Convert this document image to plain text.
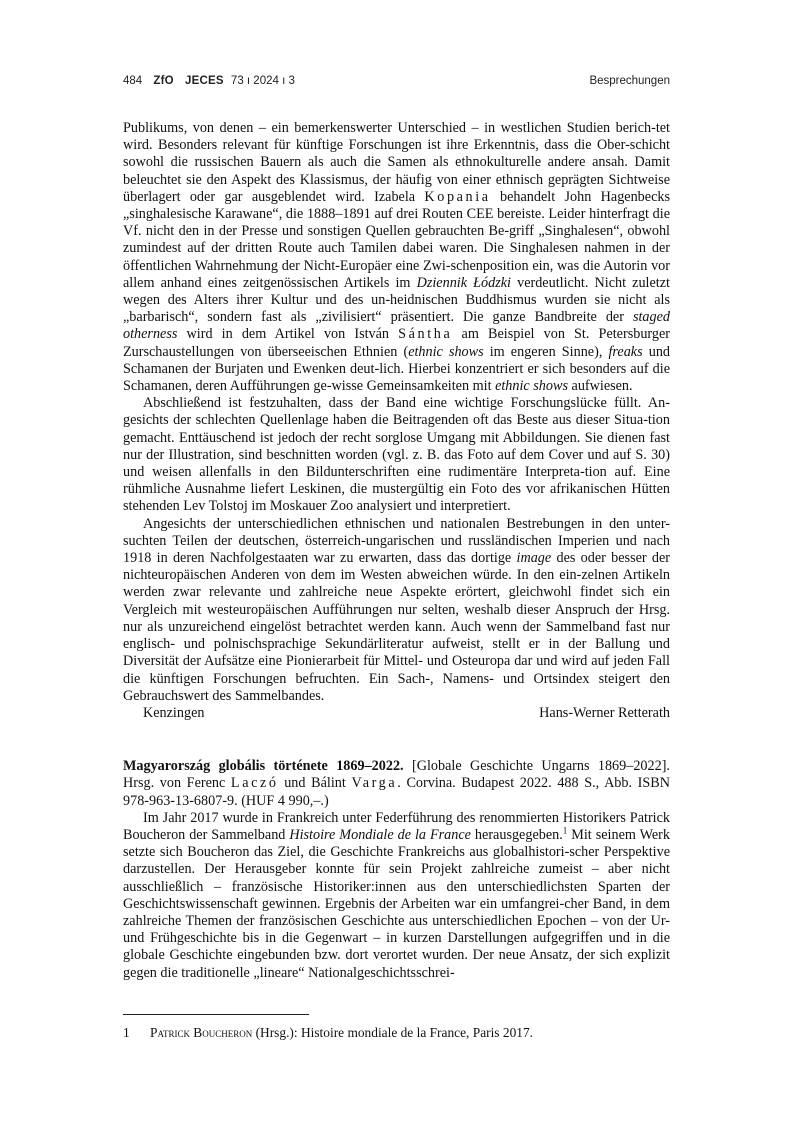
484 ZfO JECES 73 ı 2024 ı 3	Besprechungen

Publikums, von denen – ein bemerkenswerter Unterschied – in westlichen Studien berich-tet wird. Besonders relevant für künftige Forschungen ist ihre Erkenntnis, dass die Ober-schicht sowohl die russischen Bauern als auch die Samen als ethnokulturelle andere ansah. Damit beleuchtet sie den Aspekt des Klassismus, der häufig von einer ethnisch geprägten Sichtweise überlagert oder gar ausgeblendet wird. Izabela Kopania behandelt John Hagenbecks „singhalesische Karawane“, die 1888–1891 auf drei Routen CEE bereiste. Leider hinterfragt die Vf. nicht den in der Presse und sonstigen Quellen gebrauchten Be-griff „Singhalesen“, obwohl zumindest auf der dritten Route auch Tamilen dabei waren. Die Singhalesen nahmen in der öffentlichen Wahrnehmung der Nicht-Europäer eine Zwi-schenposition ein, was die Autorin vor allem anhand eines zeitgenössischen Artikels im Dziennik Łódzki verdeutlicht. Nicht zuletzt wegen des Alters ihrer Kultur und des un-heidnischen Buddhismus wurden sie nicht als „barbarisch“, sondern fast als „zivilisiert“ präsentiert. Die ganze Bandbreite der staged otherness wird in dem Artikel von István Sántha am Beispiel von St. Petersburger Zurschaustellungen von überseeischen Ethnien (ethnic shows im engeren Sinne), freaks und Schamanen der Burjaten und Ewenken deut-lich. Hierbei konzentriert er sich besonders auf die Schamanen, deren Aufführungen ge-wisse Gemeinsamkeiten mit ethnic shows aufwiesen.

Abschließend ist festzuhalten, dass der Band eine wichtige Forschungslücke füllt. An-gesichts der schlechten Quellenlage haben die Beitragenden oft das Beste aus dieser Situa-tion gemacht. Enttäuschend ist jedoch der recht sorglose Umgang mit Abbildungen. Sie dienen fast nur der Illustration, sind beschnitten worden (vgl. z. B. das Foto auf dem Cover und auf S. 30) und weisen allenfalls in den Bildunterschriften eine rudimentäre Interpreta-tion auf. Eine rühmliche Ausnahme liefert Leskinen, die mustergültig ein Foto des vor afrikanischen Hütten stehenden Lev Tolstoj im Moskauer Zoo analysiert und interpretiert.

Angesichts der unterschiedlichen ethnischen und nationalen Bestrebungen in den unter-suchten Teilen der deutschen, österreich-ungarischen und russländischen Imperien und nach 1918 in deren Nachfolgestaaten war zu erwarten, dass das dortige image des oder besser der nichteuropäischen Anderen von dem im Westen abweichen würde. In den ein-zelnen Artikeln werden zwar relevante und zahlreiche neue Aspekte erörtert, gleichwohl findet sich ein Vergleich mit westeuropäischen Aufführungen nur selten, weshalb dieser Anspruch der Hrsg. nur als unzureichend eingelöst betrachtet werden kann. Auch wenn der Sammelband fast nur englisch- und polnischsprachige Sekundärliteratur aufweist, stellt er in der Ballung und Diversität der Aufsätze eine Pionierarbeit für Mittel- und Osteuropa dar und wird auf jeden Fall die künftigen Forschungen befruchten. Ein Sach-, Namens- und Ortsindex steigert den Gebrauchswert des Sammelbandes.

Kenzingen	Hans-Werner Retterath

Magyarország globális története 1869–2022. [Globale Geschichte Ungarns 1869–2022]. Hrsg. von Ferenc Laczó und Bálint Varga. Corvina. Budapest 2022. 488 S., Abb. ISBN 978-963-13-6807-9. (HUF 4 990,–.)

Im Jahr 2017 wurde in Frankreich unter Federführung des renommierten Historikers Patrick Boucheron der Sammelband Histoire Mondiale de la France herausgegeben.$^1$ Mit seinem Werk setzte sich Boucheron das Ziel, die Geschichte Frankreichs aus globalhistori-scher Perspektive darzustellen. Der Herausgeber konnte für sein Projekt zahlreiche zumeist – aber nicht ausschließlich – französische Historiker:innen aus den unterschiedlichsten Sparten der Geschichtswissenschaft gewinnen. Ergebnis der Arbeiten war ein umfangrei-cher Band, in dem zahlreiche Themen der französischen Geschichte aus unterschiedlichen Epochen – von der Ur- und Frühgeschichte bis in die Gegenwart – in kurzen Darstellungen aufgegriffen und in die globale Geschichte eingebunden bzw. dort verortet wurden. Der neue Ansatz, der sich explizit gegen die traditionelle „lineare“ Nationalgeschichtsschrei-

1	Patrick Boucheron (Hrsg.): Histoire mondiale de la France, Paris 2017.
